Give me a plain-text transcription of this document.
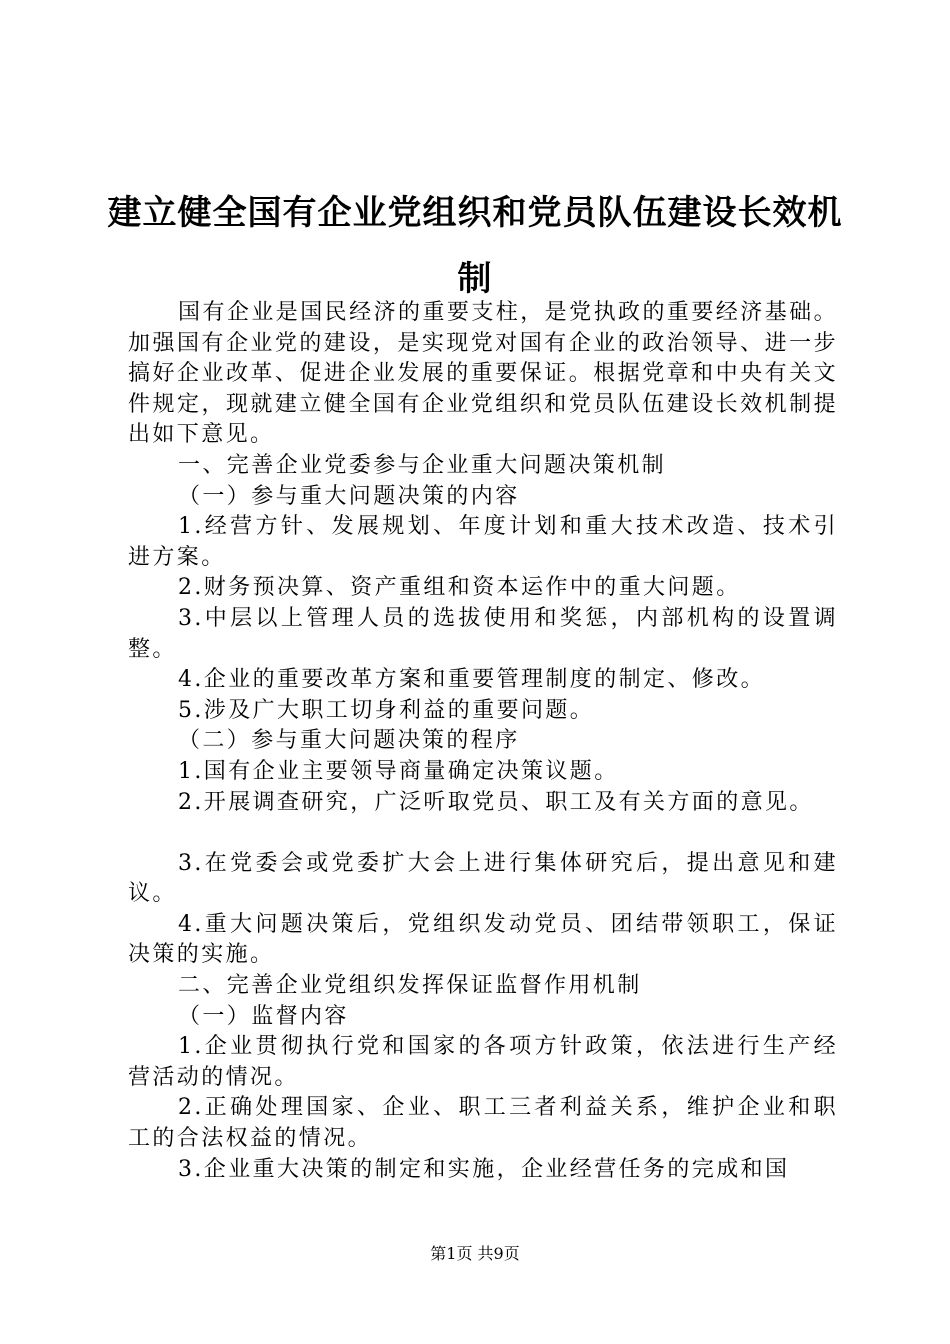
建立健全国有企业党组织和党员队伍建设长效机制

国有企业是国民经济的重要支柱，是党执政的重要经济基础。加强国有企业党的建设，是实现党对国有企业的政治领导、进一步搞好企业改革、促进企业发展的重要保证。根据党章和中央有关文件规定，现就建立健全国有企业党组织和党员队伍建设长效机制提出如下意见。

一、完善企业党委参与企业重大问题决策机制

（一）参与重大问题决策的内容

1.经营方针、发展规划、年度计划和重大技术改造、技术引进方案。

2.财务预决算、资产重组和资本运作中的重大问题。

3.中层以上管理人员的选拔使用和奖惩，内部机构的设置调整。

4.企业的重要改革方案和重要管理制度的制定、修改。

5.涉及广大职工切身利益的重要问题。

（二）参与重大问题决策的程序

1.国有企业主要领导商量确定决策议题。

2.开展调查研究，广泛听取党员、职工及有关方面的意见。

3.在党委会或党委扩大会上进行集体研究后，提出意见和建议。

4.重大问题决策后，党组织发动党员、团结带领职工，保证决策的实施。

二、完善企业党组织发挥保证监督作用机制

（一）监督内容

1.企业贯彻执行党和国家的各项方针政策，依法进行生产经营活动的情况。

2.正确处理国家、企业、职工三者利益关系，维护企业和职工的合法权益的情况。

3.企业重大决策的制定和实施，企业经营任务的完成和国

第1页 共9页
